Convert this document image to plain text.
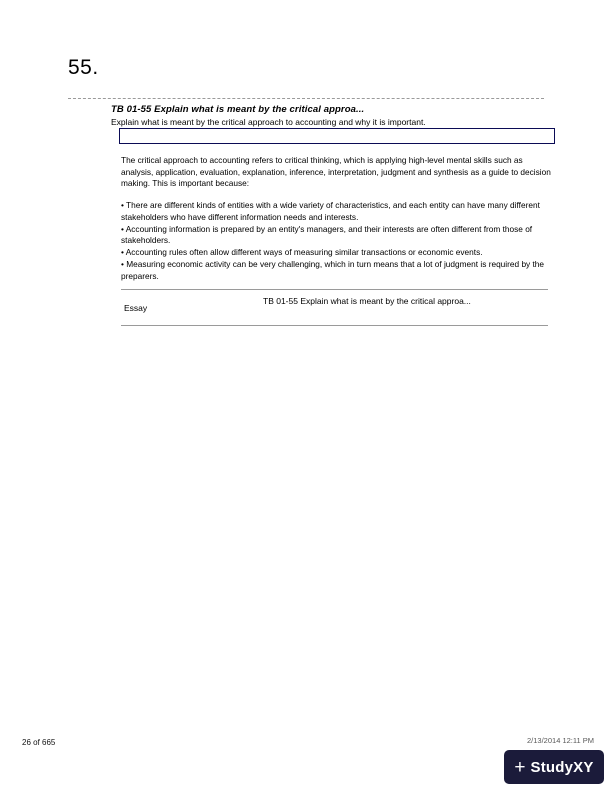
55.
TB 01-55 Explain what is meant by the critical approa...
Explain what is meant by the critical approach to accounting and why it is important.
The critical approach to accounting refers to critical thinking, which is applying high-level mental skills such as analysis, application, evaluation, explanation, inference, interpretation, judgment and synthesis as a guide to decision making. This is important because:
• There are different kinds of entities with a wide variety of characteristics, and each entity can have many different stakeholders who have different information needs and interests.
• Accounting information is prepared by an entity's managers, and their interests are often different from those of stakeholders.
• Accounting rules often allow different ways of measuring similar transactions or economic events.
• Measuring economic activity can be very challenging, which in turn means that a lot of judgment is required by the preparers.
Essay
TB 01-55 Explain what is meant by the critical approa...
26 of 665	2/13/2014 12:11 PM
+ StudyXY
